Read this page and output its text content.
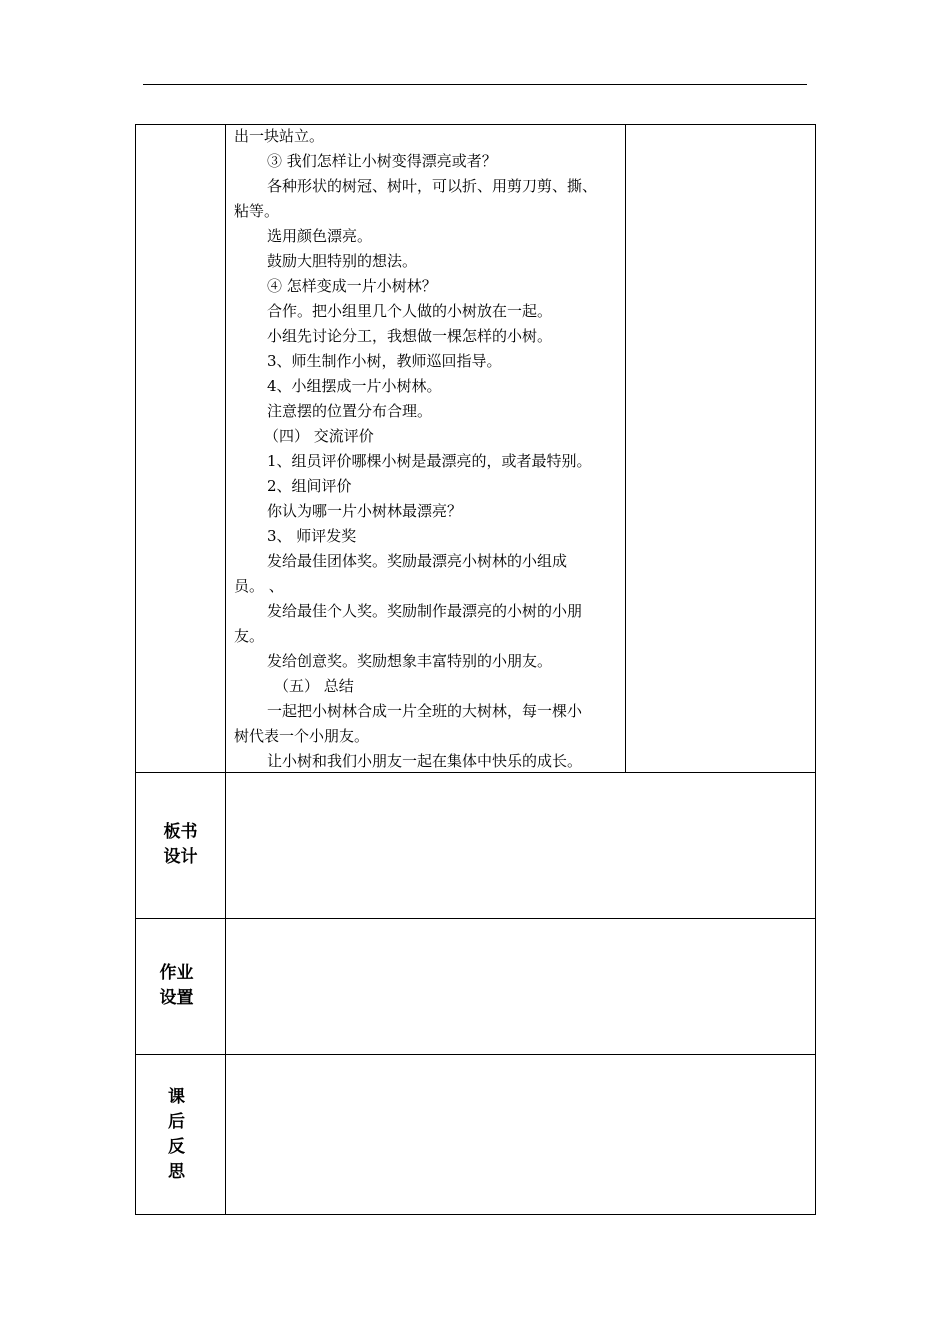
出一块站立。
③ 我们怎样让小树变得漂亮或者？
各种形状的树冠、树叶，可以折、用剪刀剪、撕、
粘等。
选用颜色漂亮。
鼓励大胆特别的想法。
④ 怎样变成一片小树林？
合作。把小组里几个人做的小树放在一起。
小组先讨论分工，我想做一棵怎样的小树。
3、师生制作小树，教师巡回指导。
4、小组摆成一片小树林。
注意摆的位置分布合理。
（四） 交流评价
1、组员评价哪棵小树是最漂亮的，或者最特别。
2、组间评价
你认为哪一片小树林最漂亮？
3、 师评发奖
发给最佳团体奖。奖励最漂亮小树林的小组成
员。 、
发给最佳个人奖。奖励制作最漂亮的小树的小朋
友。
发给创意奖。奖励想象丰富特别的小朋友。
（五） 总结
一起把小树林合成一片全班的大树林，每一棵小
树代表一个小朋友。
让小树和我们小朋友一起在集体中快乐的成长。
板书
设计
作业
设置
课
后
反
思
